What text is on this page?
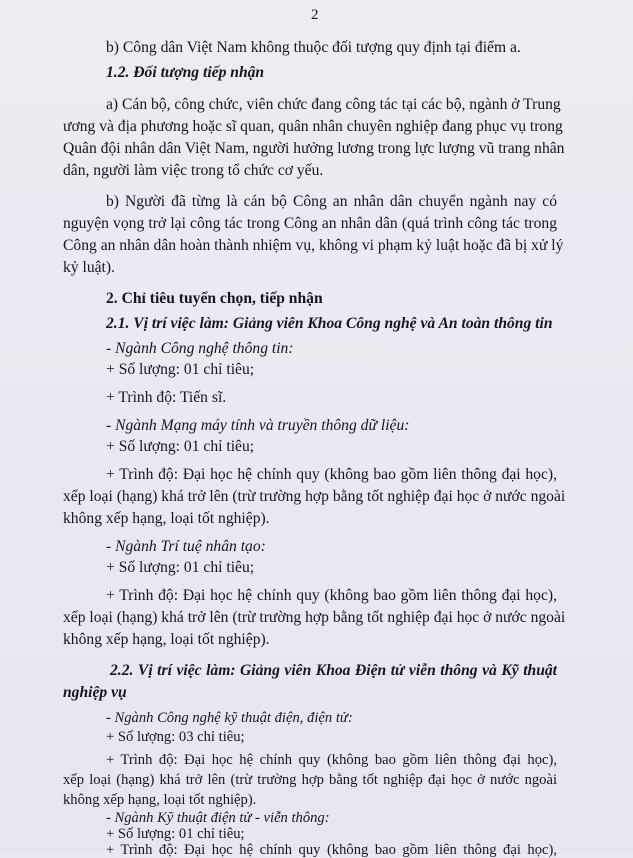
2
b) Công dân Việt Nam không thuộc đối tượng quy định tại điểm a.
1.2. Đối tượng tiếp nhận
a) Cán bộ, công chức, viên chức đang công tác tại các bộ, ngành ở Trung
ương và địa phương hoặc sĩ quan, quân nhân chuyên nghiệp đang phục vụ trong
Quân đội nhân dân Việt Nam, người hưởng lương trong lực lượng vũ trang nhân
dân, người làm việc trong tổ chức cơ yếu.
b) Người đã từng là cán bộ Công an nhân dân chuyển ngành nay có
nguyện vọng trở lại công tác trong Công an nhân dân (quá trình công tác trong
Công an nhân dân hoàn thành nhiệm vụ, không vi phạm kỷ luật hoặc đã bị xử lý
kỷ luật).
2. Chỉ tiêu tuyển chọn, tiếp nhận
2.1. Vị trí việc làm: Giảng viên Khoa Công nghệ và An toàn thông tin
- Ngành Công nghệ thông tin:
+ Số lượng: 01 chỉ tiêu;
+ Trình độ: Tiến sĩ.
- Ngành Mạng máy tính và truyền thông dữ liệu:
+ Số lượng: 01 chỉ tiêu;
+ Trình độ: Đại học hệ chính quy (không bao gồm liên thông đại học),
xếp loại (hạng) khá trở lên (trừ trường hợp bằng tốt nghiệp đại học ở nước ngoài
không xếp hạng, loại tốt nghiệp).
- Ngành Trí tuệ nhân tạo:
+ Số lượng: 01 chỉ tiêu;
+ Trình độ: Đại học hệ chính quy (không bao gồm liên thông đại học),
xếp loại (hạng) khá trở lên (trừ trường hợp bằng tốt nghiệp đại học ở nước ngoài
không xếp hạng, loại tốt nghiệp).
2.2. Vị trí việc làm: Giảng viên Khoa Điện tử viễn thông và Kỹ thuật
nghiệp vụ
- Ngành Công nghệ kỹ thuật điện, điện tử:
+ Số lượng: 03 chỉ tiêu;
+ Trình độ: Đại học hệ chính quy (không bao gồm liên thông đại học),
xếp loại (hạng) khá trở lên (trừ trường hợp bằng tốt nghiệp đại học ở nước ngoài
không xếp hạng, loại tốt nghiệp).
- Ngành Kỹ thuật điện tử - viễn thông:
+ Số lượng: 01 chỉ tiêu;
+ Trình độ: Đại học hệ chính quy (không bao gồm liên thông đại học),
